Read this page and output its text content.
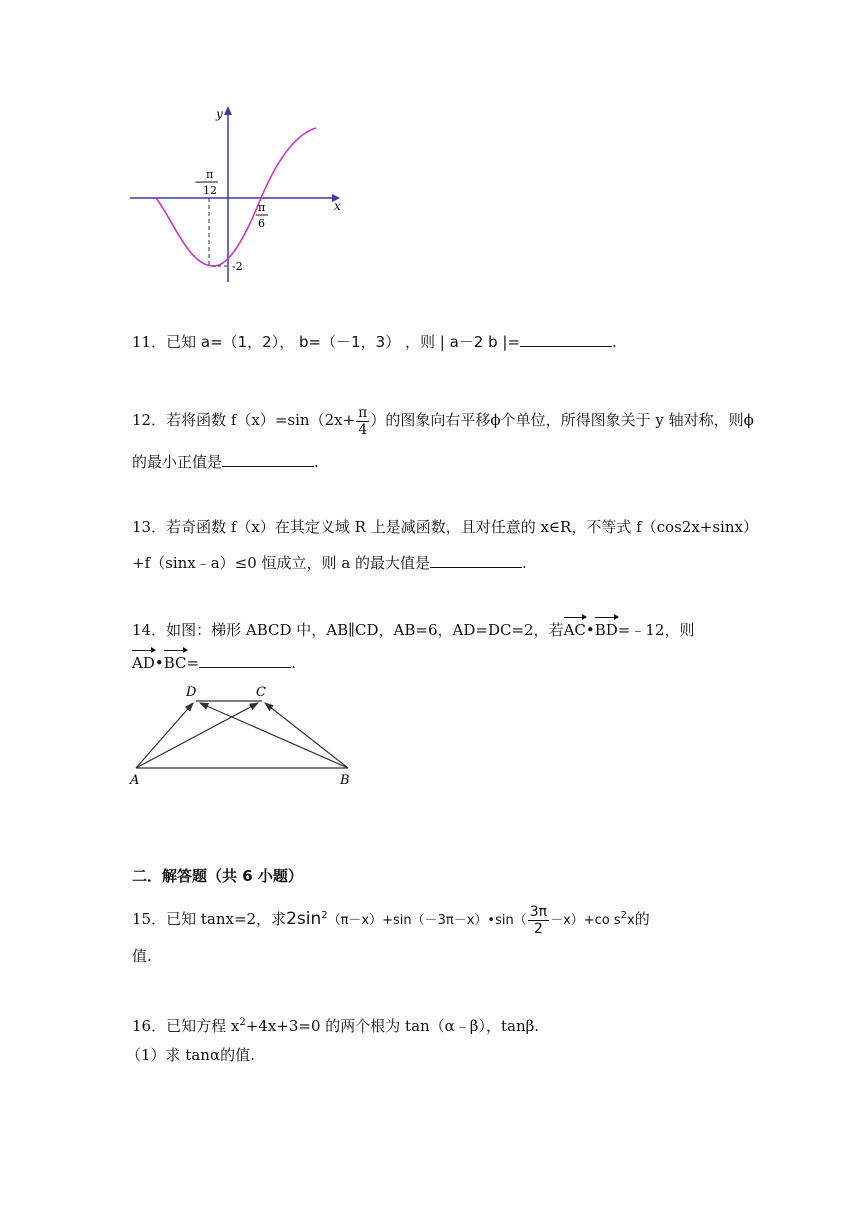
y
x
−
π
12
π
6
-2
11．已知 a=（1，2）， b=（－1，3） ，则 | a－2 b |=	.
12．若将函数 $f(x)=\sin(2x+ \frac{\pi}{4}$ ）的图象向右平移ϕ个单位，所得图象关于 y 轴对称，则ϕ
的最小正值是	.
13．若奇函数 f（x）在其定义域 R 上是减函数，且对任意的 x∈R，不等式 f（cos2x+sinx）
+f（sinx﹣a）≤0 恒成立，则 a 的最大值是	.
14．如图：梯形 ABCD 中，AB∥CD，AB=6，AD=DC=2，若AC•BD=﹣12，则
AD•BC=	.
D	C
A	B
二．解答题（共 6 小题）
15．已知 tanx=2，求$2\sin^2(\pi-x)+\sin(-3\pi-x)•\sin( \frac{3\pi}{2} -x)+co$ $s^2x$的
值.
16．已知方程 $x^2+4x+3=0$ 的两个根为 tan（α﹣β），tanβ.
（1）求 tanα的值.
